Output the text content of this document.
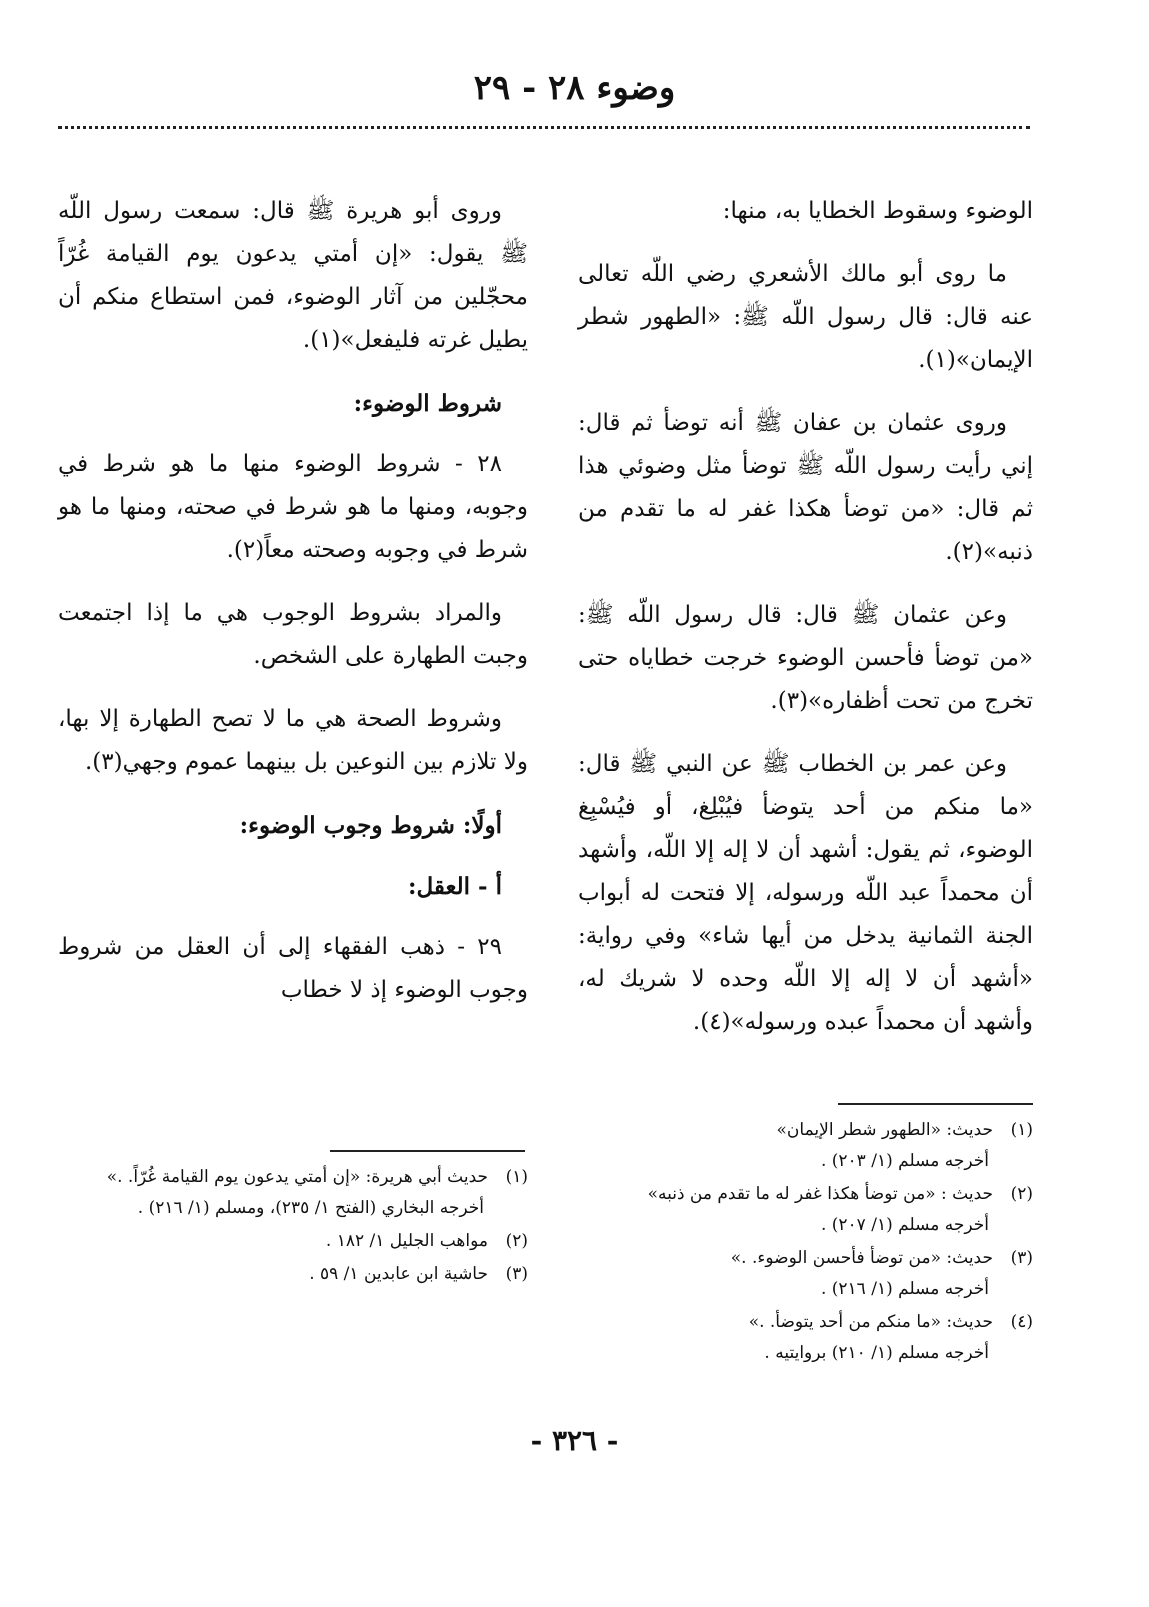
وضوء ٢٨ - ٢٩

الوضوء وسقوط الخطايا به، منها:

ما روى أبو مالك الأشعري رضي اللّه تعالى عنه قال: قال رسول اللّه ﷺ: «الطهور شطر الإيمان»(١).

وروى عثمان بن عفان ﷺ أنه توضأ ثم قال: إني رأيت رسول اللّه ﷺ توضأ مثل وضوئي هذا ثم قال: «من توضأ هكذا غفر له ما تقدم من ذنبه»(٢).

وعن عثمان ﷺ قال: قال رسول اللّه ﷺ: «من توضأ فأحسن الوضوء خرجت خطاياه حتى تخرج من تحت أظفاره»(٣).

وعن عمر بن الخطاب ﷺ عن النبي ﷺ قال: «ما منكم من أحد يتوضأ فيُبْلِغ، أو فيُسْبِغ الوضوء، ثم يقول: أشهد أن لا إله إلا اللّه، وأشهد أن محمداً عبد اللّه ورسوله، إلا فتحت له أبواب الجنة الثمانية يدخل من أيها شاء» وفي رواية: «أشهد أن لا إله إلا اللّه وحده لا شريك له، وأشهد أن محمداً عبده ورسوله»(٤).

(١)حديث: «الطهور شطر الإيمان»
أخرجه مسلم (١/ ٢٠٣) .
(٢)حديث : «من توضأ هكذا غفر له ما تقدم من ذنبه»
أخرجه مسلم (١/ ٢٠٧) .
(٣)حديث: «من توضأ فأحسن الوضوء. .»
أخرجه مسلم (١/ ٢١٦) .
(٤)حديث: «ما منكم من أحد يتوضأ. .»
أخرجه مسلم (١/ ٢١٠) بروايتيه .

وروى أبو هريرة ﷺ قال: سمعت رسول اللّه ﷺ يقول: «إن أمتي يدعون يوم القيامة غُرّاً محجّلين من آثار الوضوء، فمن استطاع منكم أن يطيل غرته فليفعل»(١).

شروط الوضوء:

٢٨ - شروط الوضوء منها ما هو شرط في وجوبه، ومنها ما هو شرط في صحته، ومنها ما هو شرط في وجوبه وصحته معاً(٢).

والمراد بشروط الوجوب هي ما إذا اجتمعت وجبت الطهارة على الشخص.

وشروط الصحة هي ما لا تصح الطهارة إلا بها، ولا تلازم بين النوعين بل بينهما عموم وجهي(٣).

أولًا: شروط وجوب الوضوء:

أ - العقل:

٢٩ - ذهب الفقهاء إلى أن العقل من شروط وجوب الوضوء إذ لا خطاب

(١)حديث أبي هريرة: «إن أمتي يدعون يوم القيامة غُرّاً. .»
أخرجه البخاري (الفتح ١/ ٢٣٥)، ومسلم (١/ ٢١٦) .
(٢)مواهب الجليل ١/ ١٨٢ .
(٣)حاشية ابن عابدين ١/ ٥٩ .
- ٣٢٦ -
